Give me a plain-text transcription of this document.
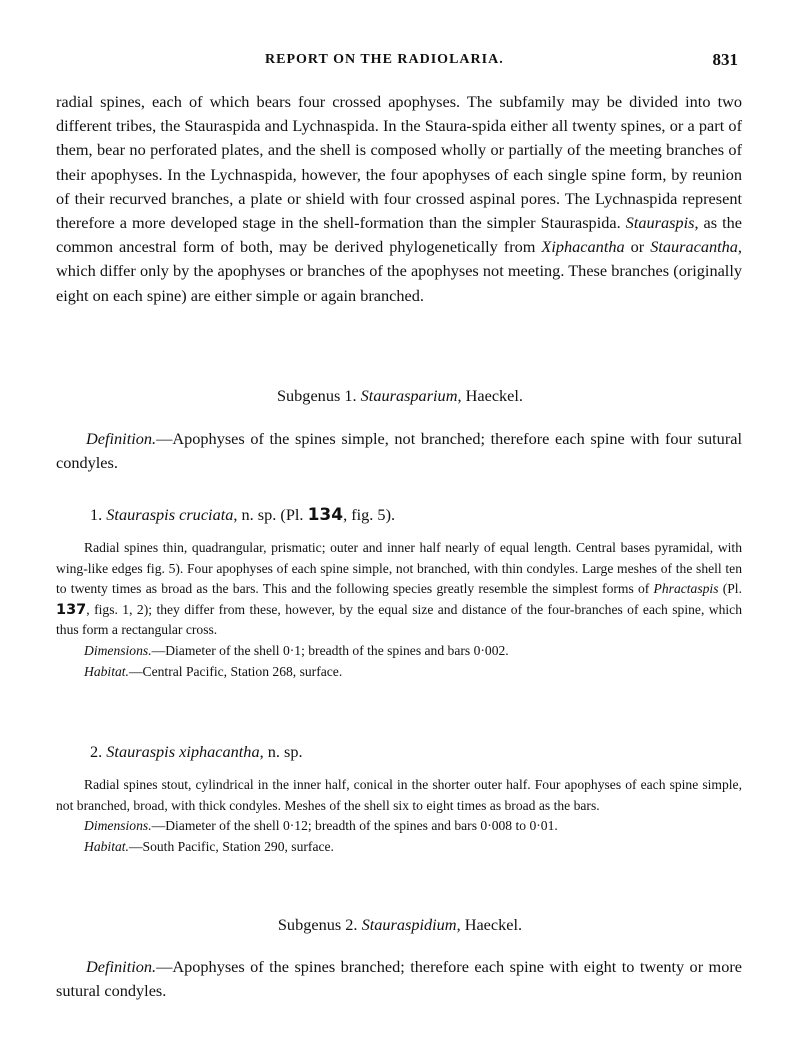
REPORT ON THE RADIOLARIA.	831

radial spines, each of which bears four crossed apophyses. The subfamily may be divided into two different tribes, the Stauraspida and Lychnaspida. In the Staura-spida either all twenty spines, or a part of them, bear no perforated plates, and the shell is composed wholly or partially of the meeting branches of their apophyses. In the Lychnaspida, however, the four apophyses of each single spine form, by reunion of their recurved branches, a plate or shield with four crossed aspinal pores. The Lychnaspida represent therefore a more developed stage in the shell-formation than the simpler Stauraspida. Stauraspis, as the common ancestral form of both, may be derived phylogenetically from Xiphacantha or Stauracantha, which differ only by the apophyses or branches of the apophyses not meeting. These branches (originally eight on each spine) are either simple or again branched.

Subgenus 1. Staurasparium, Haeckel.

Definition.—Apophyses of the spines simple, not branched; therefore each spine with four sutural condyles.

1. Stauraspis cruciata, n. sp. (Pl. 134, fig. 5).

Radial spines thin, quadrangular, prismatic; outer and inner half nearly of equal length. Central bases pyramidal, with wing-like edges fig. 5). Four apophyses of each spine simple, not branched, with thin condyles. Large meshes of the shell ten to twenty times as broad as the bars. This and the following species greatly resemble the simplest forms of Phractaspis (Pl. 137, figs. 1, 2); they differ from these, however, by the equal size and distance of the four-branches of each spine, which thus form a rectangular cross.

Dimensions.—Diameter of the shell 0·1; breadth of the spines and bars 0·002.

Habitat.—Central Pacific, Station 268, surface.

2. Stauraspis xiphacantha, n. sp.

Radial spines stout, cylindrical in the inner half, conical in the shorter outer half. Four apophyses of each spine simple, not branched, broad, with thick condyles. Meshes of the shell six to eight times as broad as the bars.

Dimensions.—Diameter of the shell 0·12; breadth of the spines and bars 0·008 to 0·01.

Habitat.—South Pacific, Station 290, surface.

Subgenus 2. Stauraspidium, Haeckel.

Definition.—Apophyses of the spines branched; therefore each spine with eight to twenty or more sutural condyles.
